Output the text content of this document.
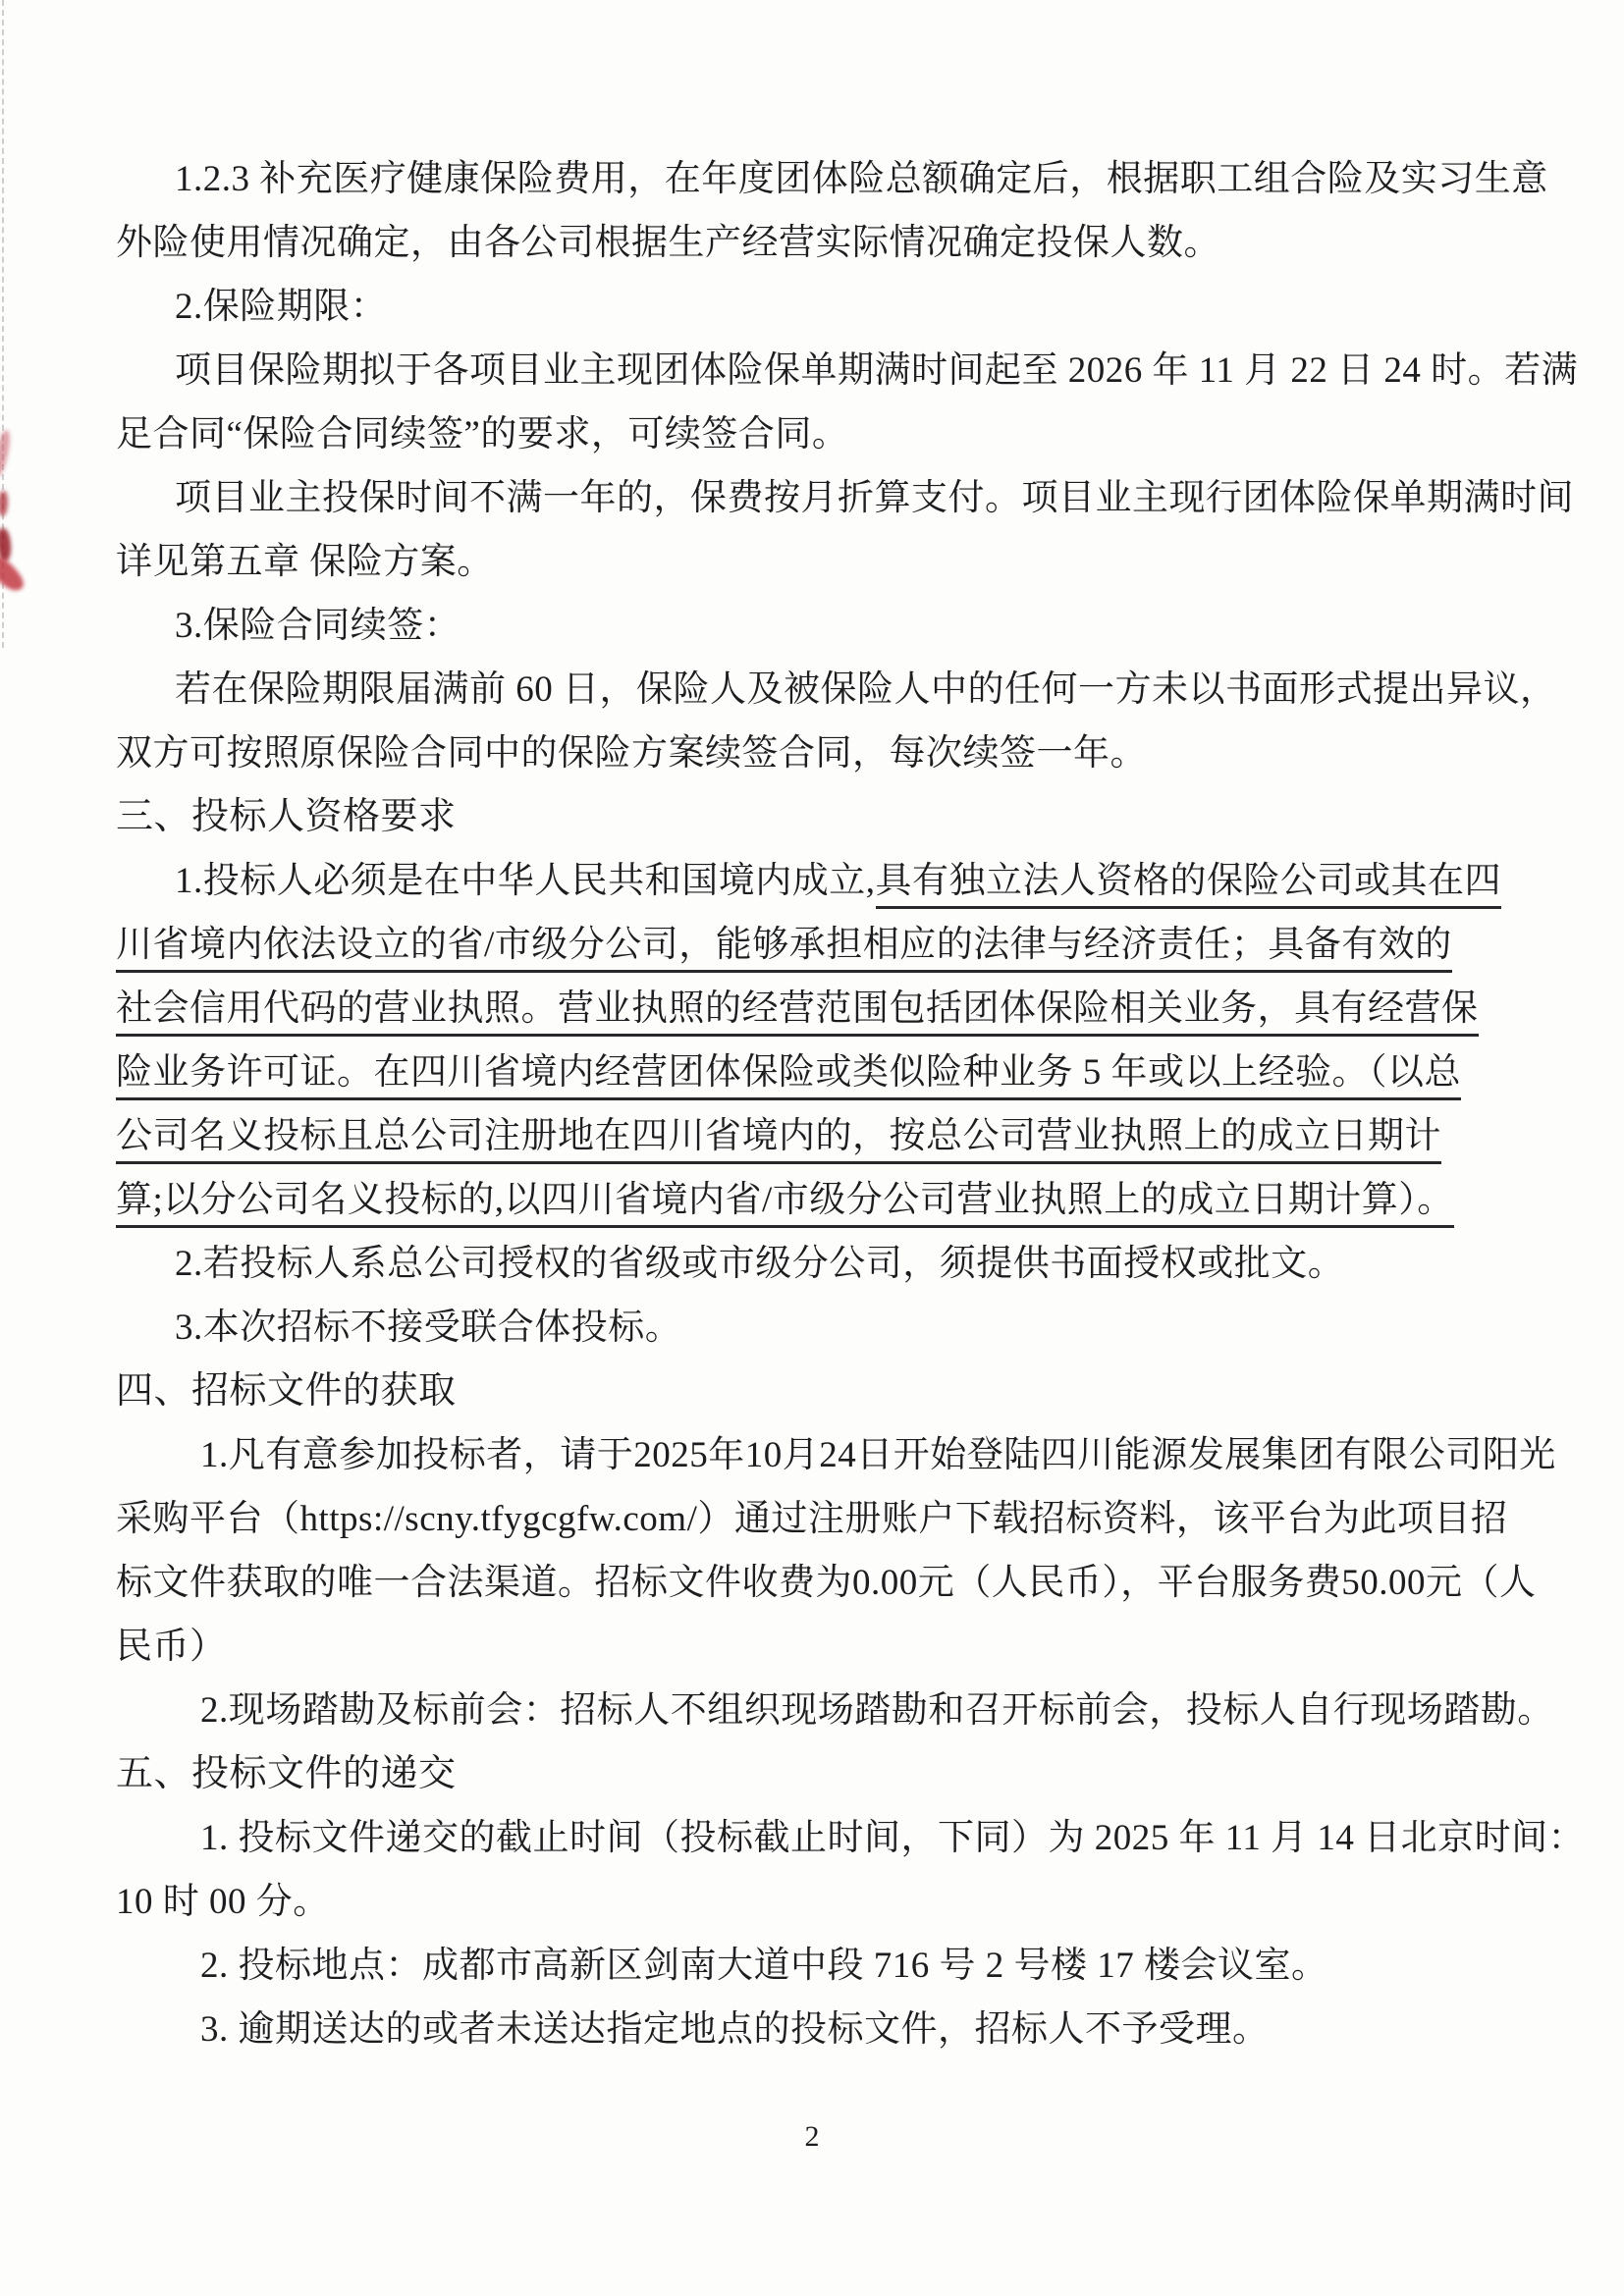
1.2.3 补充医疗健康保险费用，在年度团体险总额确定后，根据职工组合险及实习生意
外险使用情况确定，由各公司根据生产经营实际情况确定投保人数。
2.保险期限：
项目保险期拟于各项目业主现团体险保单期满时间起至 2026 年 11 月 22 日 24 时。若满
足合同“保险合同续签”的要求，可续签合同。
项目业主投保时间不满一年的，保费按月折算支付。项目业主现行团体险保单期满时间
详见第五章 保险方案。
3.保险合同续签：
若在保险期限届满前 60 日，保险人及被保险人中的任何一方未以书面形式提出异议，
双方可按照原保险合同中的保险方案续签合同，每次续签一年。
三、投标人资格要求
1.投标人必须是在中华人民共和国境内成立,具有独立法人资格的保险公司或其在四
川省境内依法设立的省/市级分公司，能够承担相应的法律与经济责任；具备有效的
社会信用代码的营业执照。营业执照的经营范围包括团体保险相关业务，具有经营保
险业务许可证。在四川省境内经营团体保险或类似险种业务 5 年或以上经验。（以总
公司名义投标且总公司注册地在四川省境内的，按总公司营业执照上的成立日期计
算;以分公司名义投标的,以四川省境内省/市级分公司营业执照上的成立日期计算）。
2.若投标人系总公司授权的省级或市级分公司，须提供书面授权或批文。
3.本次招标不接受联合体投标。
四、招标文件的获取
1.凡有意参加投标者，请于2025年10月24日开始登陆四川能源发展集团有限公司阳光
采购平台（https://scny.tfygcgfw.com/）通过注册账户下载招标资料，该平台为此项目招
标文件获取的唯一合法渠道。招标文件收费为0.00元（人民币），平台服务费50.00元（人
民币）
2.现场踏勘及标前会：招标人不组织现场踏勘和召开标前会，投标人自行现场踏勘。
五、投标文件的递交
1. 投标文件递交的截止时间（投标截止时间，下同）为 2025 年 11 月 14 日北京时间：
10 时 00 分。
2. 投标地点：成都市高新区剑南大道中段 716 号 2 号楼 17 楼会议室。
3. 逾期送达的或者未送达指定地点的投标文件，招标人不予受理。
2
